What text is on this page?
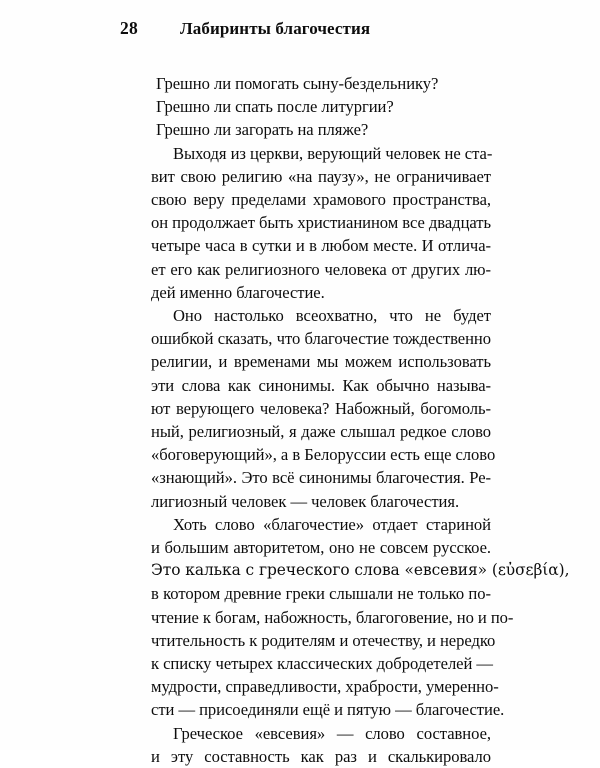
28	Лабиринты благочестия
Грешно ли помогать сыну-бездельнику?
Грешно ли спать после литургии?
Грешно ли загорать на пляже?

Выходя из церкви, верующий человек не ста-
вит свою религию «на паузу», не ограничивает
свою веру пределами храмового пространства,
он продолжает быть христианином все двадцать
четыре часа в сутки и в любом месте. И отлича-
ет его как религиозного человека от других лю-
дей именно благочестие.

Оно настолько всеохватно, что не будет
ошибкой сказать, что благочестие тождественно
религии, и временами мы можем использовать
эти слова как синонимы. Как обычно называ-
ют верующего человека? Набожный, богомоль-
ный, религиозный, я даже слышал редкое слово
«боговерующий», а в Белоруссии есть еще слово
«знающий». Это всё синонимы благочестия. Ре-
лигиозный человек — человек благочестия.

Хоть слово «благочестие» отдает стариной
и большим авторитетом, оно не совсем русское.
Это калька с греческого слова «евсевия» (εὐσεβία),
в котором древние греки слышали не только по-
чтение к богам, набожность, благоговение, но и по-
чтительность к родителям и отечеству, и нередко
к списку четырех классических добродетелей —
мудрости, справедливости, храбрости, умеренно-
сти — присоединяли ещё и пятую — благочестие.

Греческое «евсевия» — слово составное,
и эту составность как раз и скалькировало
